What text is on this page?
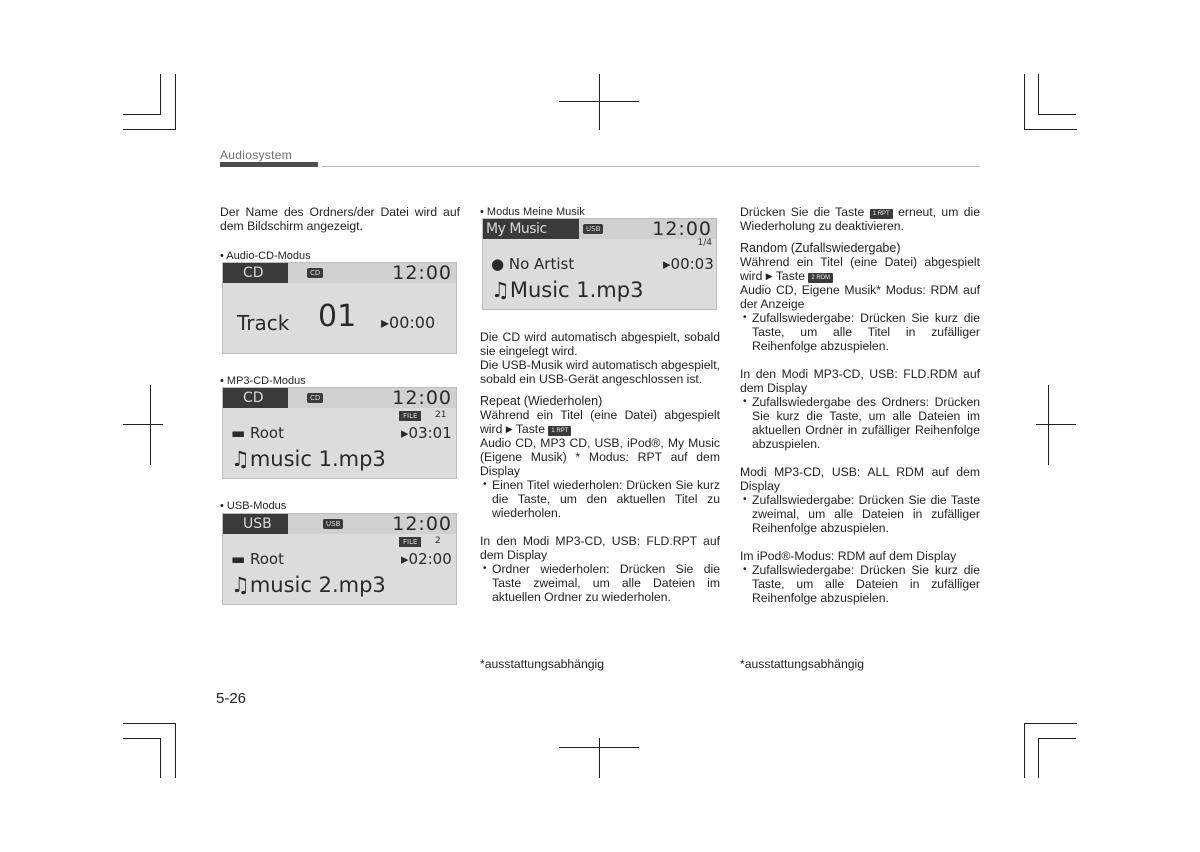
Audiosystem

Der Name des Ordners/der Datei wird auf dem Bildschirm angezeigt.

• Audio-CD-Modus
CD	CD	12:00
Track 01 ▸00:00
• MP3-CD-Modus
CD	CD	12:00
FILE	21
▬ Root	▸03:01
♫music 1.mp3
• USB-Modus
USB	USB	12:00
FILE	2
▬ Root	▸02:00
♫music 2.mp3
5-26
• Modus Meine Musik
My Music	USB	12:00
1/4
● No Artist	▸00:03
♫Music 1.mp3

Die CD wird automatisch abgespielt, sobald sie eingelegt wird.

Die USB-Musik wird automatisch abgespielt, sobald ein USB-Gerät angeschlossen ist.

Repeat (Wiederholen)

Während ein Titel (eine Datei) abgespielt wird ▶ Taste 1 RPT

Audio CD, MP3 CD, USB, iPod®, My Music (Eigene Musik) * Modus: RPT auf dem Display

• Einen Titel wiederholen: Drücken Sie kurz die Taste, um den aktuellen Titel zu wiederholen.

In den Modi MP3-CD, USB: FLD.RPT auf dem Display

• Ordner wiederholen: Drücken Sie die Taste zweimal, um alle Dateien im aktuellen Ordner zu wiederholen.

*ausstattungsabhängig

Drücken Sie die Taste 1 RPT erneut, um die Wiederholung zu deaktivieren.

Random (Zufallswiedergabe)

Während ein Titel (eine Datei) abgespielt wird ▶ Taste 2 RDM

Audio CD, Eigene Musik* Modus: RDM auf der Anzeige

• Zufallswiedergabe: Drücken Sie kurz die Taste, um alle Titel in zufälliger Reihenfolge abzuspielen.

In den Modi MP3-CD, USB: FLD.RDM auf dem Display

• Zufallswiedergabe des Ordners: Drücken Sie kurz die Taste, um alle Dateien im aktuellen Ordner in zufälliger Reihenfolge abzuspielen.

Modi MP3-CD, USB: ALL RDM auf dem Display

• Zufallswiedergabe: Drücken Sie die Taste zweimal, um alle Dateien in zufälliger Reihenfolge abzuspielen.

Im iPod®-Modus: RDM auf dem Display

• Zufallswiedergabe: Drücken Sie kurz die Taste, um alle Dateien in zufälliger Reihenfolge abzuspielen.

*ausstattungsabhängig
